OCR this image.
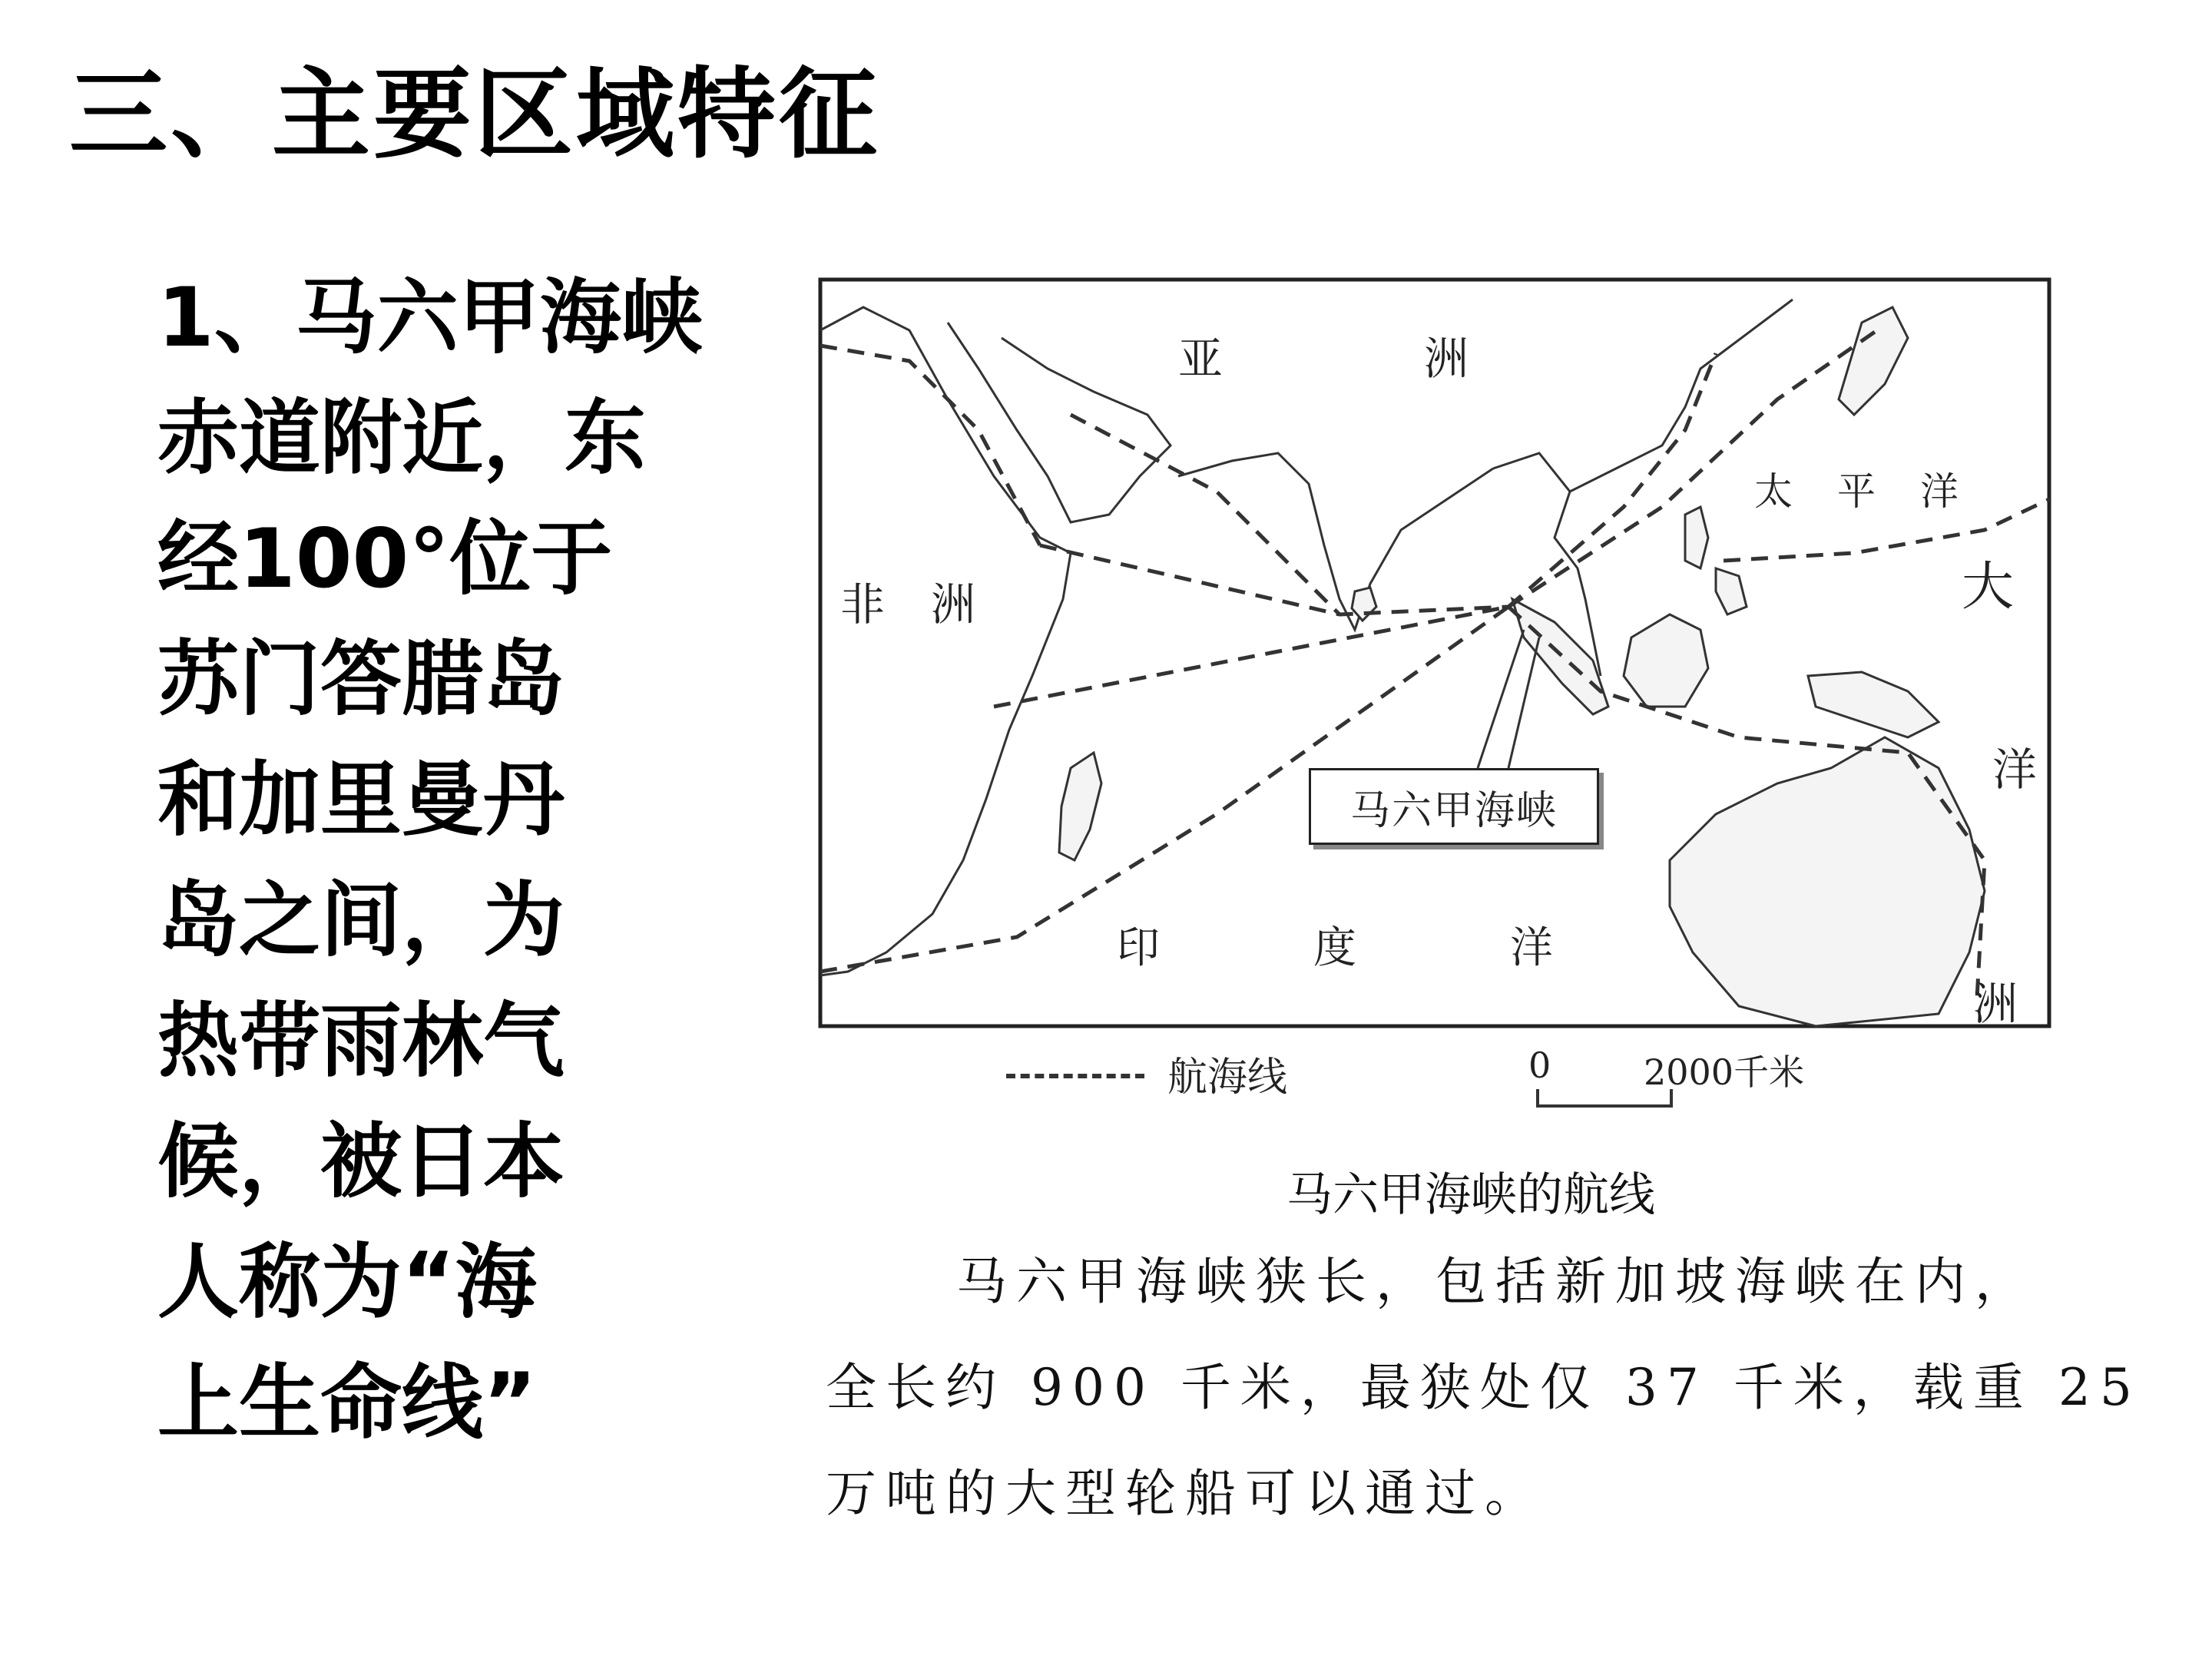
三、主要区域特征
1、马六甲海峡
赤道附近，东
经100°位于
苏门答腊岛
和加里曼丹
岛之间，为
热带雨林气
候，被日本
人称为“海
上生命线”
亚	洲
非洲
太平洋
大
洋
洲
印度洋
马六甲海峡
航海线	0	2000千米
马六甲海峡的航线
马六甲海峡狭长，包括新加坡海峡在内，
全长约 900 千米，最狭处仅 37 千米，载重 25
万吨的大型轮船可以通过。
